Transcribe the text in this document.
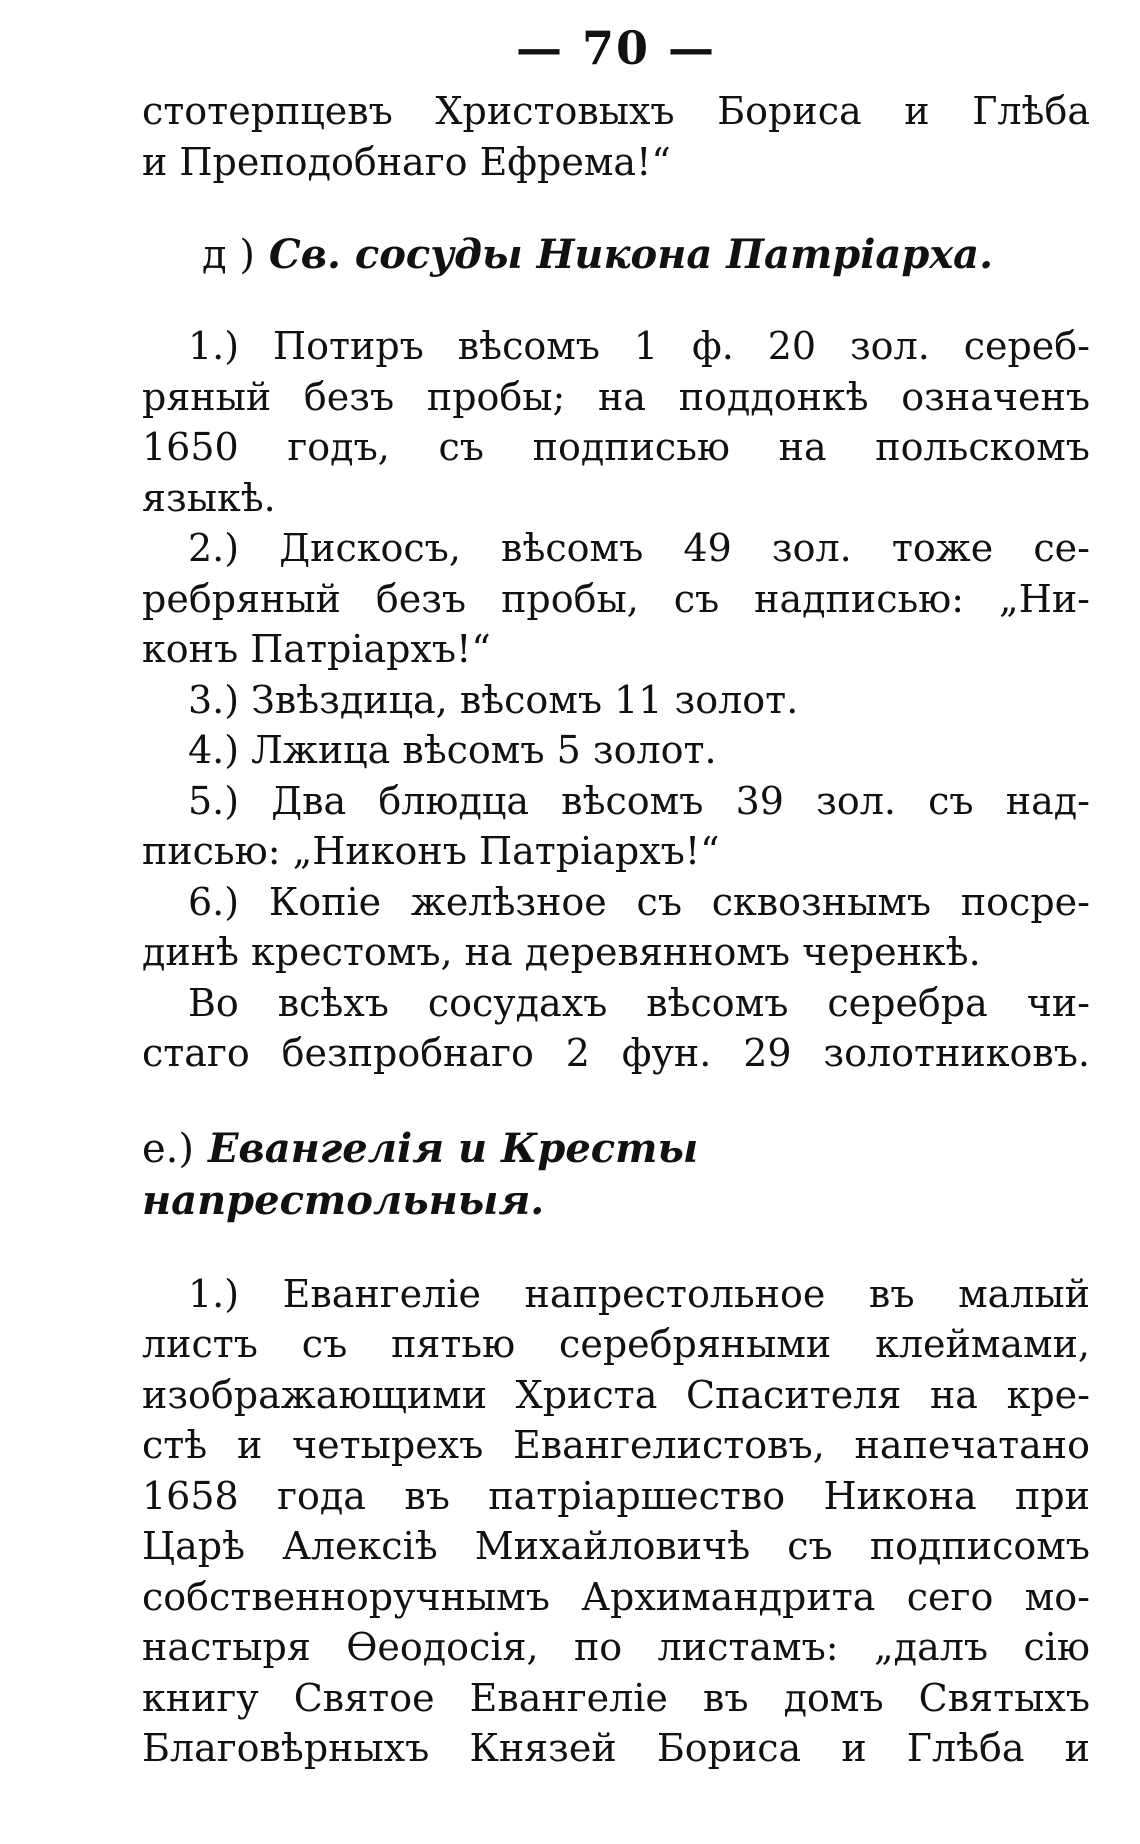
— 70 —
стотерпцевъ Христовыхъ Бориса и Глѣба
и Преподобнаго Ефрема!“
д ) Св. сосуды Никона Патріарха.
1.) Потиръ вѣсомъ 1 ф. 20 зол. сереб-
ряный безъ пробы; на поддонкѣ означенъ
1650 годъ, съ подписью на польскомъ
языкѣ.
2.) Дискосъ, вѣсомъ 49 зол. тоже се-
ребряный безъ пробы, съ надписью: „Ни-
конъ Патріархъ!“
3.) Звѣздица, вѣсомъ 11 золот.
4.) Лжица вѣсомъ 5 золот.
5.) Два блюдца вѣсомъ 39 зол. съ над-
писью: „Никонъ Патріархъ!“
6.) Копіе желѣзное съ сквознымъ посре-
динѣ крестомъ, на деревянномъ черенкѣ.
Во всѣхъ сосудахъ вѣсомъ серебра чи-
стаго безпробнаго 2 фун. 29 золотниковъ.
е.) Евангелія и Кресты напрестольныя.
1.) Евангеліе напрестольное въ малый
листъ съ пятью серебряными клеймами,
изображающими Христа Спасителя на кре-
стѣ и четырехъ Евангелистовъ, напечатано
1658 года въ патріаршество Никона при
Царѣ Алексіѣ Михайловичѣ съ подписомъ
собственноручнымъ Архимандрита сего мо-
настыря Ѳеодосія, по листамъ: „далъ сію
книгу Святое Евангеліе въ домъ Святыхъ
Благовѣрныхъ Князей Бориса и Глѣба и
